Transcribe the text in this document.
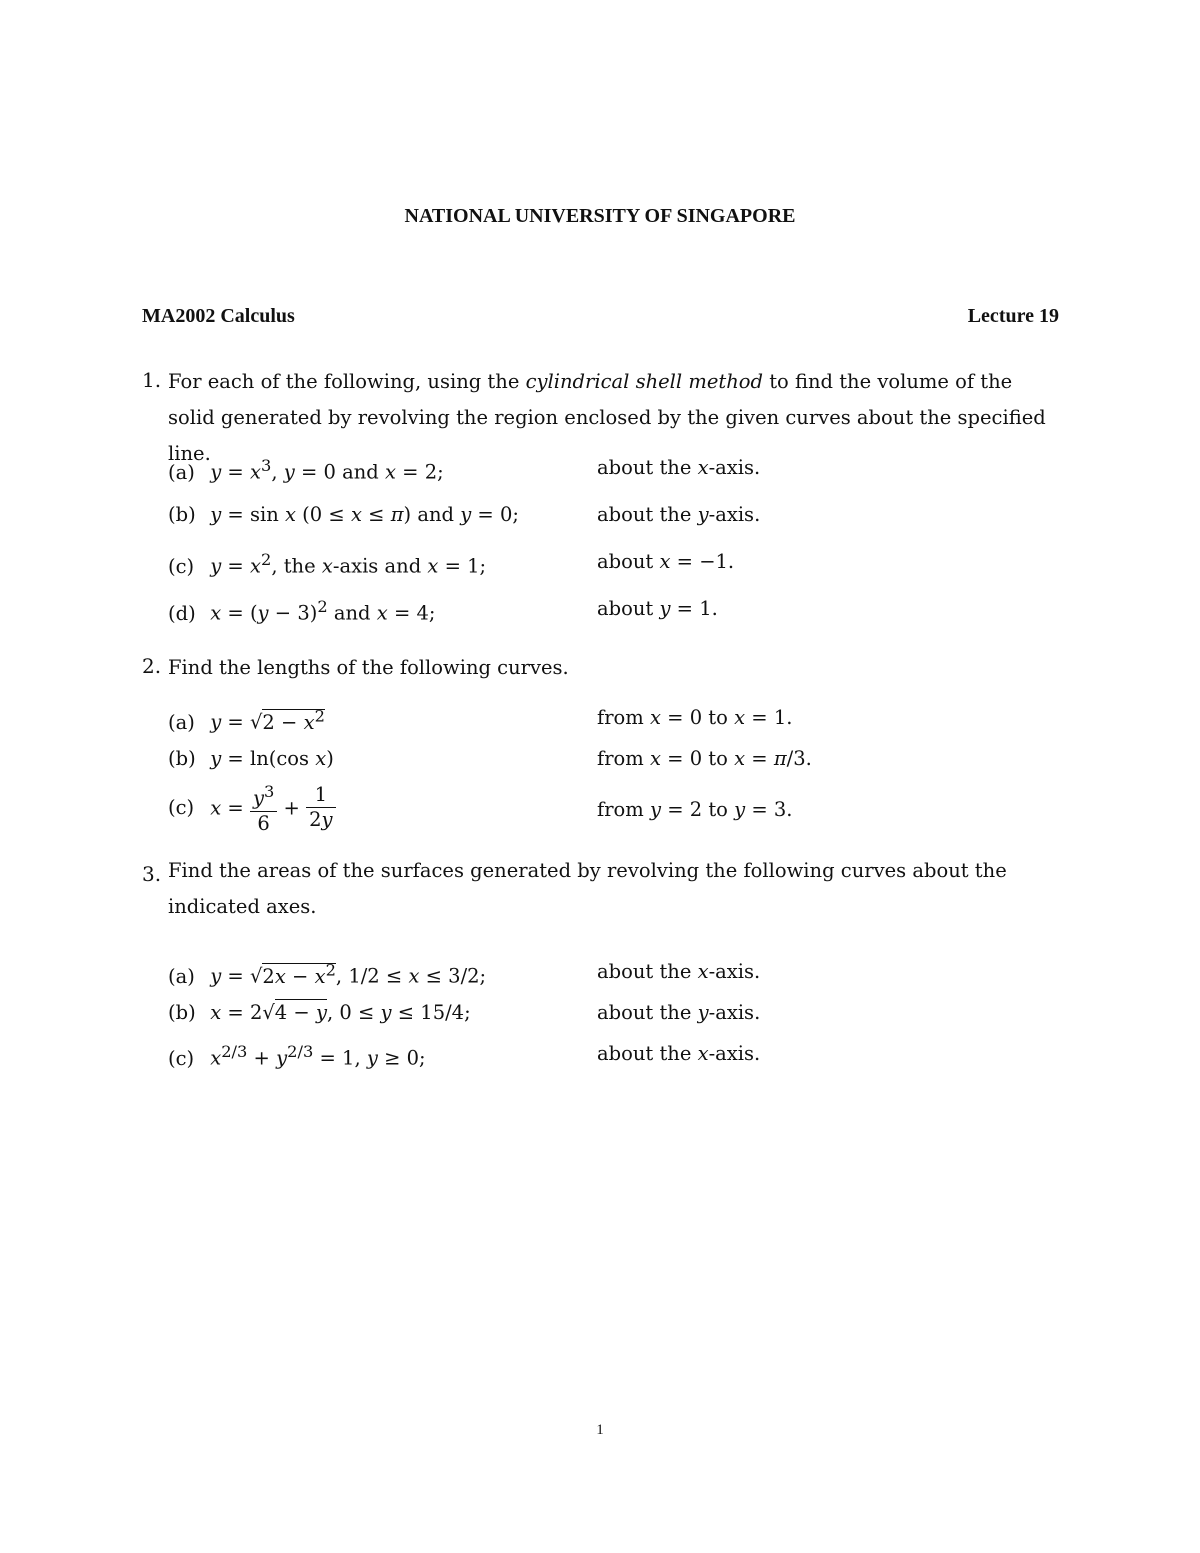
NATIONAL UNIVERSITY OF SINGAPORE
MA2002 Calculus	Lecture 19
1. For each of the following, using the cylindrical shell method to find the volume of the solid generated by revolving the region enclosed by the given curves about the specified line.
(a) $y = x^3$, y = 0 and x = 2;	about the x-axis.
(b) y = sin x (0 ≤ x ≤ π) and y = 0;	about the y-axis.
(c) $y = x^2$, the x-axis and x = 1;	about x = −1.
(d) $x = (y - 3)^2$ and x = 4;	about y = 1.
2. Find the lengths of the following curves.
(a) $y = √2 - x^2$	from x = 0 to x = 1.
(b) y = ln(cos x)	from x = 0 to x = π/3.
(c) $x = \frac{y^3}{6} + \frac{1}{2y}$	from y = 2 to y = 3.
3. Find the areas of the surfaces generated by revolving the following curves about the indicated axes.
(a) $y = √2x - x^2$, 1/2 ≤ x ≤ 3/2;	about the x-axis.
(b) x = 2√4 − y, 0 ≤ y ≤ 15/4;	about the y-axis.
(c) $x^{2/3} + y^{2/3} = 1$, y ≥ 0;	about the x-axis.
1
